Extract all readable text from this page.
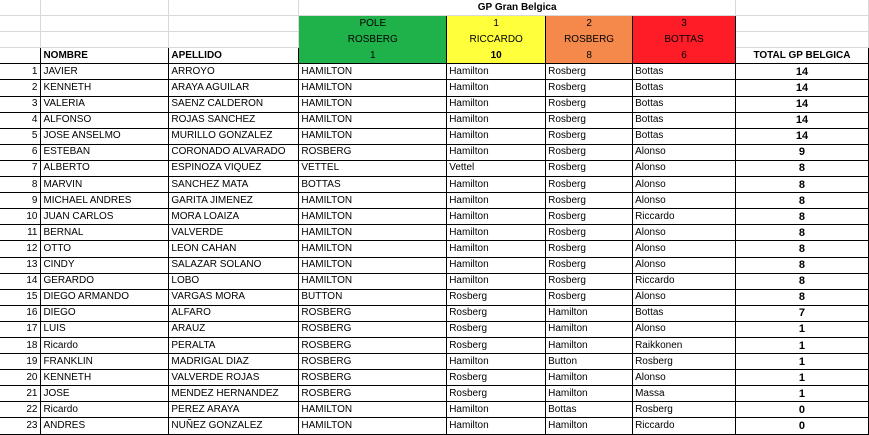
			GP Gran Belgica				
			POLE	1	2	3	
			ROSBERG	RICCARDO	ROSBERG	BOTTAS	
	NOMBRE	APELLIDO	1	10	8	6	TOTAL GP BELGICA
1	JAVIER	ARROYO	HAMILTON	Hamilton	Rosberg	Bottas	14
2	KENNETH	ARAYA AGUILAR	HAMILTON	Hamilton	Rosberg	Bottas	14
3	VALERIA	SAENZ CALDERON	HAMILTON	Hamilton	Rosberg	Bottas	14
4	ALFONSO	ROJAS SANCHEZ	HAMILTON	Hamilton	Rosberg	Bottas	14
5	JOSE ANSELMO	MURILLO GONZALEZ	HAMILTON	Hamilton	Rosberg	Bottas	14
6	ESTEBAN	CORONADO ALVARADO	ROSBERG	Hamilton	Rosberg	Alonso	9
7	ALBERTO	ESPINOZA VIQUEZ	VETTEL	Vettel	Rosberg	Alonso	8
8	MARVIN	SANCHEZ MATA	BOTTAS	Hamilton	Rosberg	Alonso	8
9	MICHAEL ANDRES	GARITA JIMENEZ	HAMILTON	Hamilton	Rosberg	Alonso	8
10	JUAN CARLOS	MORA LOAIZA	HAMILTON	Hamilton	Rosberg	Riccardo	8
11	BERNAL	VALVERDE	HAMILTON	Hamilton	Rosberg	Alonso	8
12	OTTO	LEON CAHAN	HAMILTON	Hamilton	Rosberg	Alonso	8
13	CINDY	SALAZAR SOLANO	HAMILTON	Hamilton	Rosberg	Alonso	8
14	GERARDO	LOBO	HAMILTON	Hamilton	Rosberg	Riccardo	8
15	DIEGO ARMANDO	VARGAS MORA	BUTTON	Rosberg	Rosberg	Alonso	8
16	DIEGO	ALFARO	ROSBERG	Rosberg	Hamilton	Bottas	7
17	LUIS	ARAUZ	ROSBERG	Rosberg	Hamilton	Alonso	1
18	Ricardo	PERALTA	ROSBERG	Rosberg	Hamilton	Raikkonen	1
19	FRANKLIN	MADRIGAL DIAZ	ROSBERG	Hamilton	Button	Rosberg	1
20	KENNETH	VALVERDE ROJAS	ROSBERG	Rosberg	Hamilton	Alonso	1
21	JOSE	MENDEZ HERNANDEZ	ROSBERG	Rosberg	Hamilton	Massa	1
22	Ricardo	PEREZ ARAYA	HAMILTON	Hamilton	Bottas	Rosberg	0
23	ANDRES	NUÑEZ GONZALEZ	HAMILTON	Hamilton	Hamilton	Riccardo	0
